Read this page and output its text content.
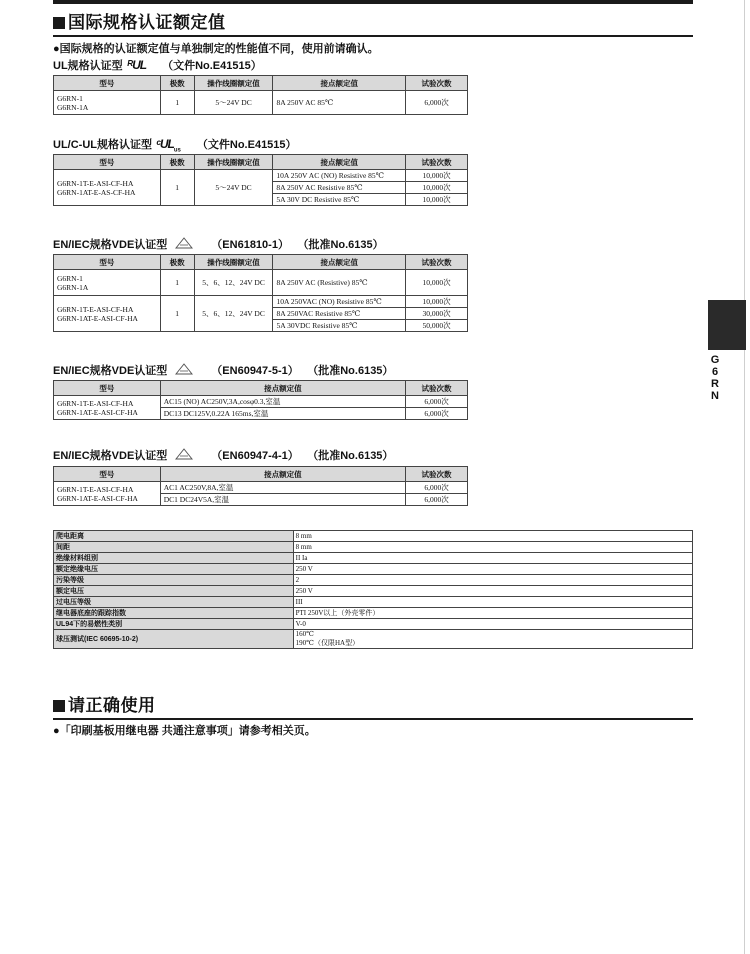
国际规格认证额定值
●国际规格的认证额定值与单独制定的性能值不同，使用前请确认。
UL规格认证型 ᴿUL （文件No.E41515）
型号	极数	操作线圈额定值	接点额定值	试验次数
G6RN-1
G6RN-1A	1	5～24V DC	8A 250V AC 85℃	6,000次
UL/C-UL规格认证型 ᶜUL$_{us}$ （文件No.E41515）
型号	极数	操作线圈额定值	接点额定值	试验次数
G6RN-1T-E-ASI-CF-HA
G6RN-1AT-E-AS-CF-HA	1	5～24V DC	10A 250V AC (NO) Resistive 85℃	10,000次
			8A 250V AC Resistive 85℃	10,000次
			5A 30V DC Resistive 85℃	10,000次
EN/IEC规格VDE认证型	（EN61810-1） （批准No.6135）
型号	极数	操作线圈额定值	接点额定值	试验次数
G6RN-1
G6RN-1A	1	5、6、12、24V DC	8A 250V AC (Resistive) 85℃	10,000次
G6RN-1T-E-ASI-CF-HA
G6RN-1AT-E-ASI-CF-HA	1	5、6、12、24V DC	10A 250VAC (NO) Resistive 85℃	10,000次
			8A 250VAC Resistive 85℃	30,000次
			5A 30VDC Resistive 85℃	50,000次
EN/IEC规格VDE认证型	（EN60947-5-1） （批准No.6135）
型号	接点额定值	试验次数
G6RN-1T-E-ASI-CF-HA
G6RN-1AT-E-ASI-CF-HA	AC15 (NO) AC250V,3A,cosφ0.3,室温	6,000次
	DC13 DC125V,0.22A 165ms,室温	6,000次
EN/IEC规格VDE认证型	（EN60947-4-1） （批准No.6135）
型号	接点额定值	试验次数
G6RN-1T-E-ASI-CF-HA
G6RN-1AT-E-ASI-CF-HA	AC1 AC250V,8A,室温	6,000次
	DC1 DC24V5A,室温	6,000次
爬电距离	8 mm
间距	8 mm
绝缘材料组别	II Ia
额定绝缘电压	250 V
污染等级	2
额定电压	250 V
过电压等级	III
继电器底座的跟踪指数	PTI 250V以上（外壳零件）
UL94下的易燃性类别	V-0
球压测试(IEC 60695-10-2)	160℃
190℃（仅限HA型）
请正确使用
●「印刷基板用继电器 共通注意事项」请参考相关页。
G
6
R
N
